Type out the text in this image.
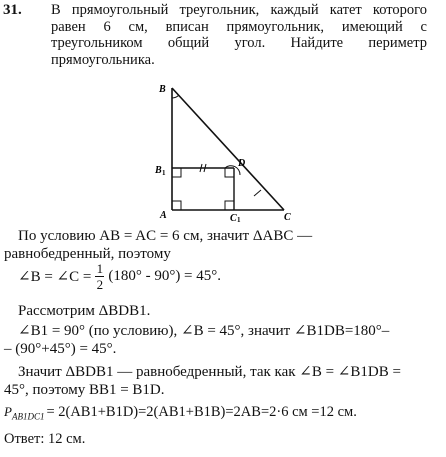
31. В прямоугольный треугольник, каждый катет которого равен 6 см, вписан прямоугольник, имеющий с треугольником общий угол. Найдите периметр прямоугольника.
B
B 1
D
A	C 1	C
По условию AB = AC = 6 см, значит ΔABC —
равнобедренный, поэтому
∠B = ∠C = $\frac{1}{2} (180^\circ - 90^\circ) = 45^\circ$.
Рассмотрим ΔBDB1.
∠B1 = 90° (по условию), ∠B = 45°, значит ∠B1DB=180°–
– (90°+45°) = 45°.
Значит ΔBDB1 — равнобедренный, так как ∠B = ∠B1DB =
45°, поэтому BB1 = B1D.
$P_{AB1DC1} = 2(AB1+B1D)=2(AB1+B1B)=2AB=2\cdot 6$ см =12 см.
Ответ: 12 см.
